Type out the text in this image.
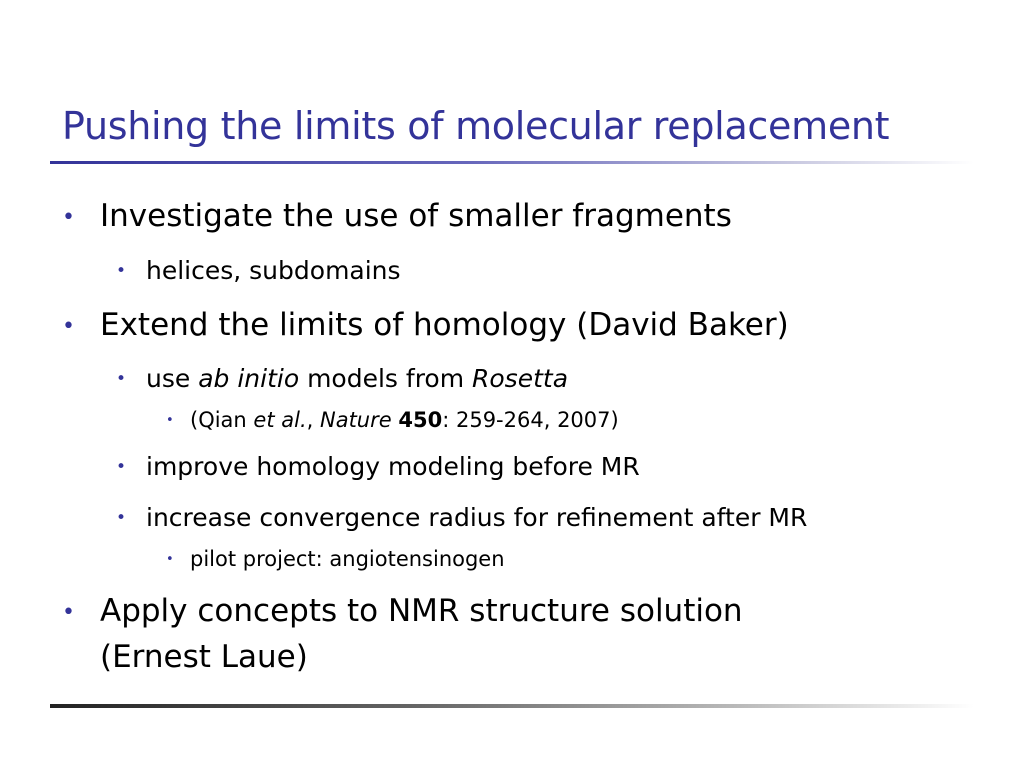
Pushing the limits of molecular replacement
• Investigate the use of smaller fragments
• helices, subdomains
• Extend the limits of homology (David Baker)
• use ab initio models from Rosetta
• (Qian et al., Nature 450: 259-264, 2007)
• improve homology modeling before MR
• increase convergence radius for refinement after MR
• pilot project: angiotensinogen
• Apply concepts to NMR structure solution
(Ernest Laue)
